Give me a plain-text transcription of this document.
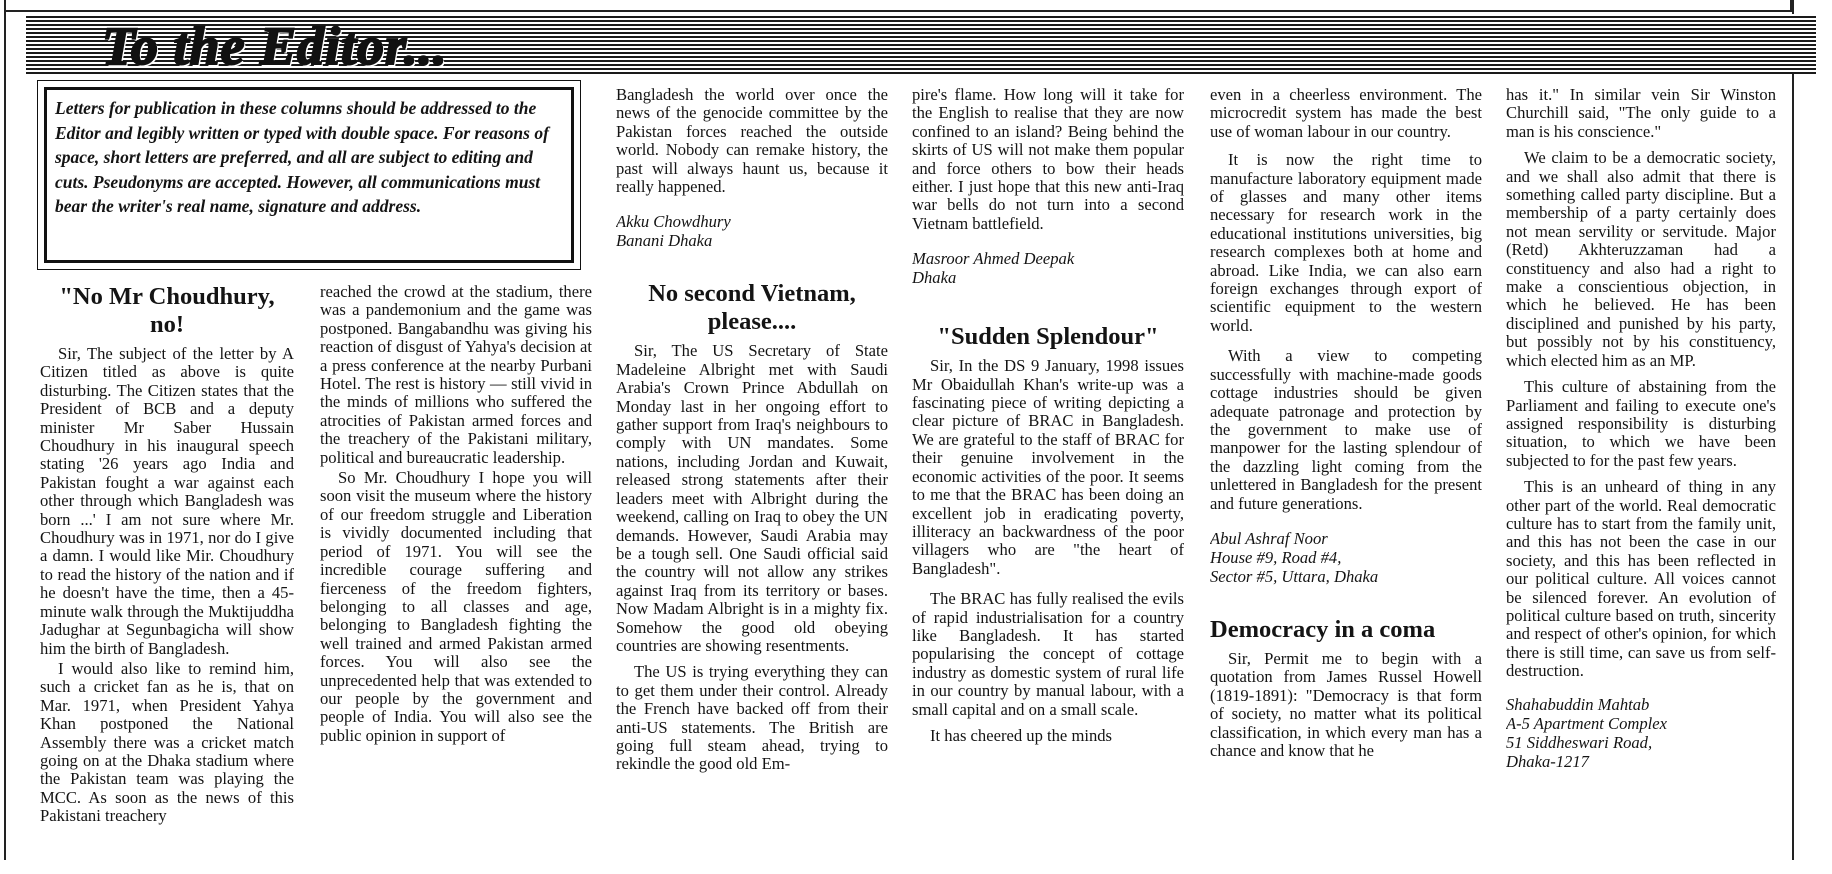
To the Editor...
Letters for publication in these columns should be addressed to the Editor and legibly written or typed with double space. For reasons of space, short letters are preferred, and all are subject to editing and cuts. Pseudonyms are accepted. However, all communications must bear the writer's real name, signature and address.
"No Mr Choudhury, no!

Sir, The subject of the letter by A Citizen titled as above is quite disturbing. The Citizen states that the President of BCB and a deputy minister Mr Saber Hussain Choudhury in his inaugural speech stating '26 years ago India and Pakistan fought a war against each other through which Bangladesh was born ...' I am not sure where Mr. Choudhury was in 1971, nor do I give a damn. I would like Mir. Choudhury to read the history of the nation and if he doesn't have the time, then a 45-minute walk through the Muktijuddha Jadughar at Segunbagicha will show him the birth of Bangladesh.

I would also like to remind him, such a cricket fan as he is, that on Mar. 1971, when President Yahya Khan postponed the National Assembly there was a cricket match going on at the Dhaka stadium where the Pakistan team was playing the MCC. As soon as the news of this Pakistani treachery

reached the crowd at the stadium, there was a pandemonium and the game was postponed. Bangabandhu was giving his reaction of disgust of Yahya's decision at a press conference at the nearby Purbani Hotel. The rest is history — still vivid in the minds of millions who suffered the atrocities of Pakistan armed forces and the treachery of the Pakistani military, political and bureaucratic leadership.

So Mr. Choudhury I hope you will soon visit the museum where the history of our freedom struggle and Liberation is vividly documented including that period of 1971. You will see the incredible courage suffering and fierceness of the freedom fighters, belonging to all classes and age, belonging to Bangladesh fighting the well trained and armed Pakistan armed forces. You will also see the unprecedented help that was extended to our people by the government and people of India. You will also see the public opinion in support of

Bangladesh the world over once the news of the genocide committee by the Pakistan forces reached the outside world. Nobody can remake history, the past will always haunt us, because it really happened.

Akku Chowdhury
Banani Dhaka
No second Vietnam, please....

Sir, The US Secretary of State Madeleine Albright met with Saudi Arabia's Crown Prince Abdullah on Monday last in her ongoing effort to gather support from Iraq's neighbours to comply with UN mandates. Some nations, including Jordan and Kuwait, released strong statements after their leaders meet with Albright during the weekend, calling on Iraq to obey the UN demands. However, Saudi Arabia may be a tough sell. One Saudi official said the country will not allow any strikes against Iraq from its territory or bases. Now Madam Albright is in a mighty fix. Somehow the good old obeying countries are showing resentments.

The US is trying everything they can to get them under their control. Already the French have backed off from their anti-US statements. The British are going full steam ahead, trying to rekindle the good old Em-

pire's flame. How long will it take for the English to realise that they are now confined to an island? Being behind the skirts of US will not make them popular and force others to bow their heads either. I just hope that this new anti-Iraq war bells do not turn into a second Vietnam battlefield.

Masroor Ahmed Deepak
Dhaka
"Sudden Splendour"

Sir, In the DS 9 January, 1998 issues Mr Obaidullah Khan's write-up was a fascinating piece of writing depicting a clear picture of BRAC in Bangladesh. We are grateful to the staff of BRAC for their genuine involvement in the economic activities of the poor. It seems to me that the BRAC has been doing an excellent job in eradicating poverty, illiteracy an backwardness of the poor villagers who are "the heart of Bangladesh".

The BRAC has fully realised the evils of rapid industrialisation for a country like Bangladesh. It has started popularising the concept of cottage industry as domestic system of rural life in our country by manual labour, with a small capital and on a small scale.

It has cheered up the minds

even in a cheerless environment. The microcredit system has made the best use of woman labour in our country.

It is now the right time to manufacture laboratory equipment made of glasses and many other items necessary for research work in the educational institutions universities, big research complexes both at home and abroad. Like India, we can also earn foreign exchanges through export of scientific equipment to the western world.

With a view to competing successfully with machine-made goods cottage industries should be given adequate patronage and protection by the government to make use of manpower for the lasting splendour of the dazzling light coming from the unlettered in Bangladesh for the present and future generations.

Abul Ashraf Noor
House #9, Road #4,
Sector #5, Uttara, Dhaka
Democracy in a coma

Sir, Permit me to begin with a quotation from James Russel Howell (1819-1891): "Democracy is that form of society, no matter what its political classification, in which every man has a chance and know that he

has it." In similar vein Sir Winston Churchill said, "The only guide to a man is his conscience."

We claim to be a democratic society, and we shall also admit that there is something called party discipline. But a membership of a party certainly does not mean servility or servitude. Major (Retd) Akhteruzzaman had a constituency and also had a right to make a conscientious objection, in which he believed. He has been disciplined and punished by his party, but possibly not by his constituency, which elected him as an MP.

This culture of abstaining from the Parliament and failing to execute one's assigned responsibility is disturbing situation, to which we have been subjected to for the past few years.

This is an unheard of thing in any other part of the world. Real democratic culture has to start from the family unit, and this has not been the case in our society, and this has been reflected in our political culture. All voices cannot be silenced forever. An evolution of political culture based on truth, sincerity and respect of other's opinion, for which there is still time, can save us from self-destruction.

Shahabuddin Mahtab
A-5 Apartment Complex
51 Siddheswari Road,
Dhaka-1217
